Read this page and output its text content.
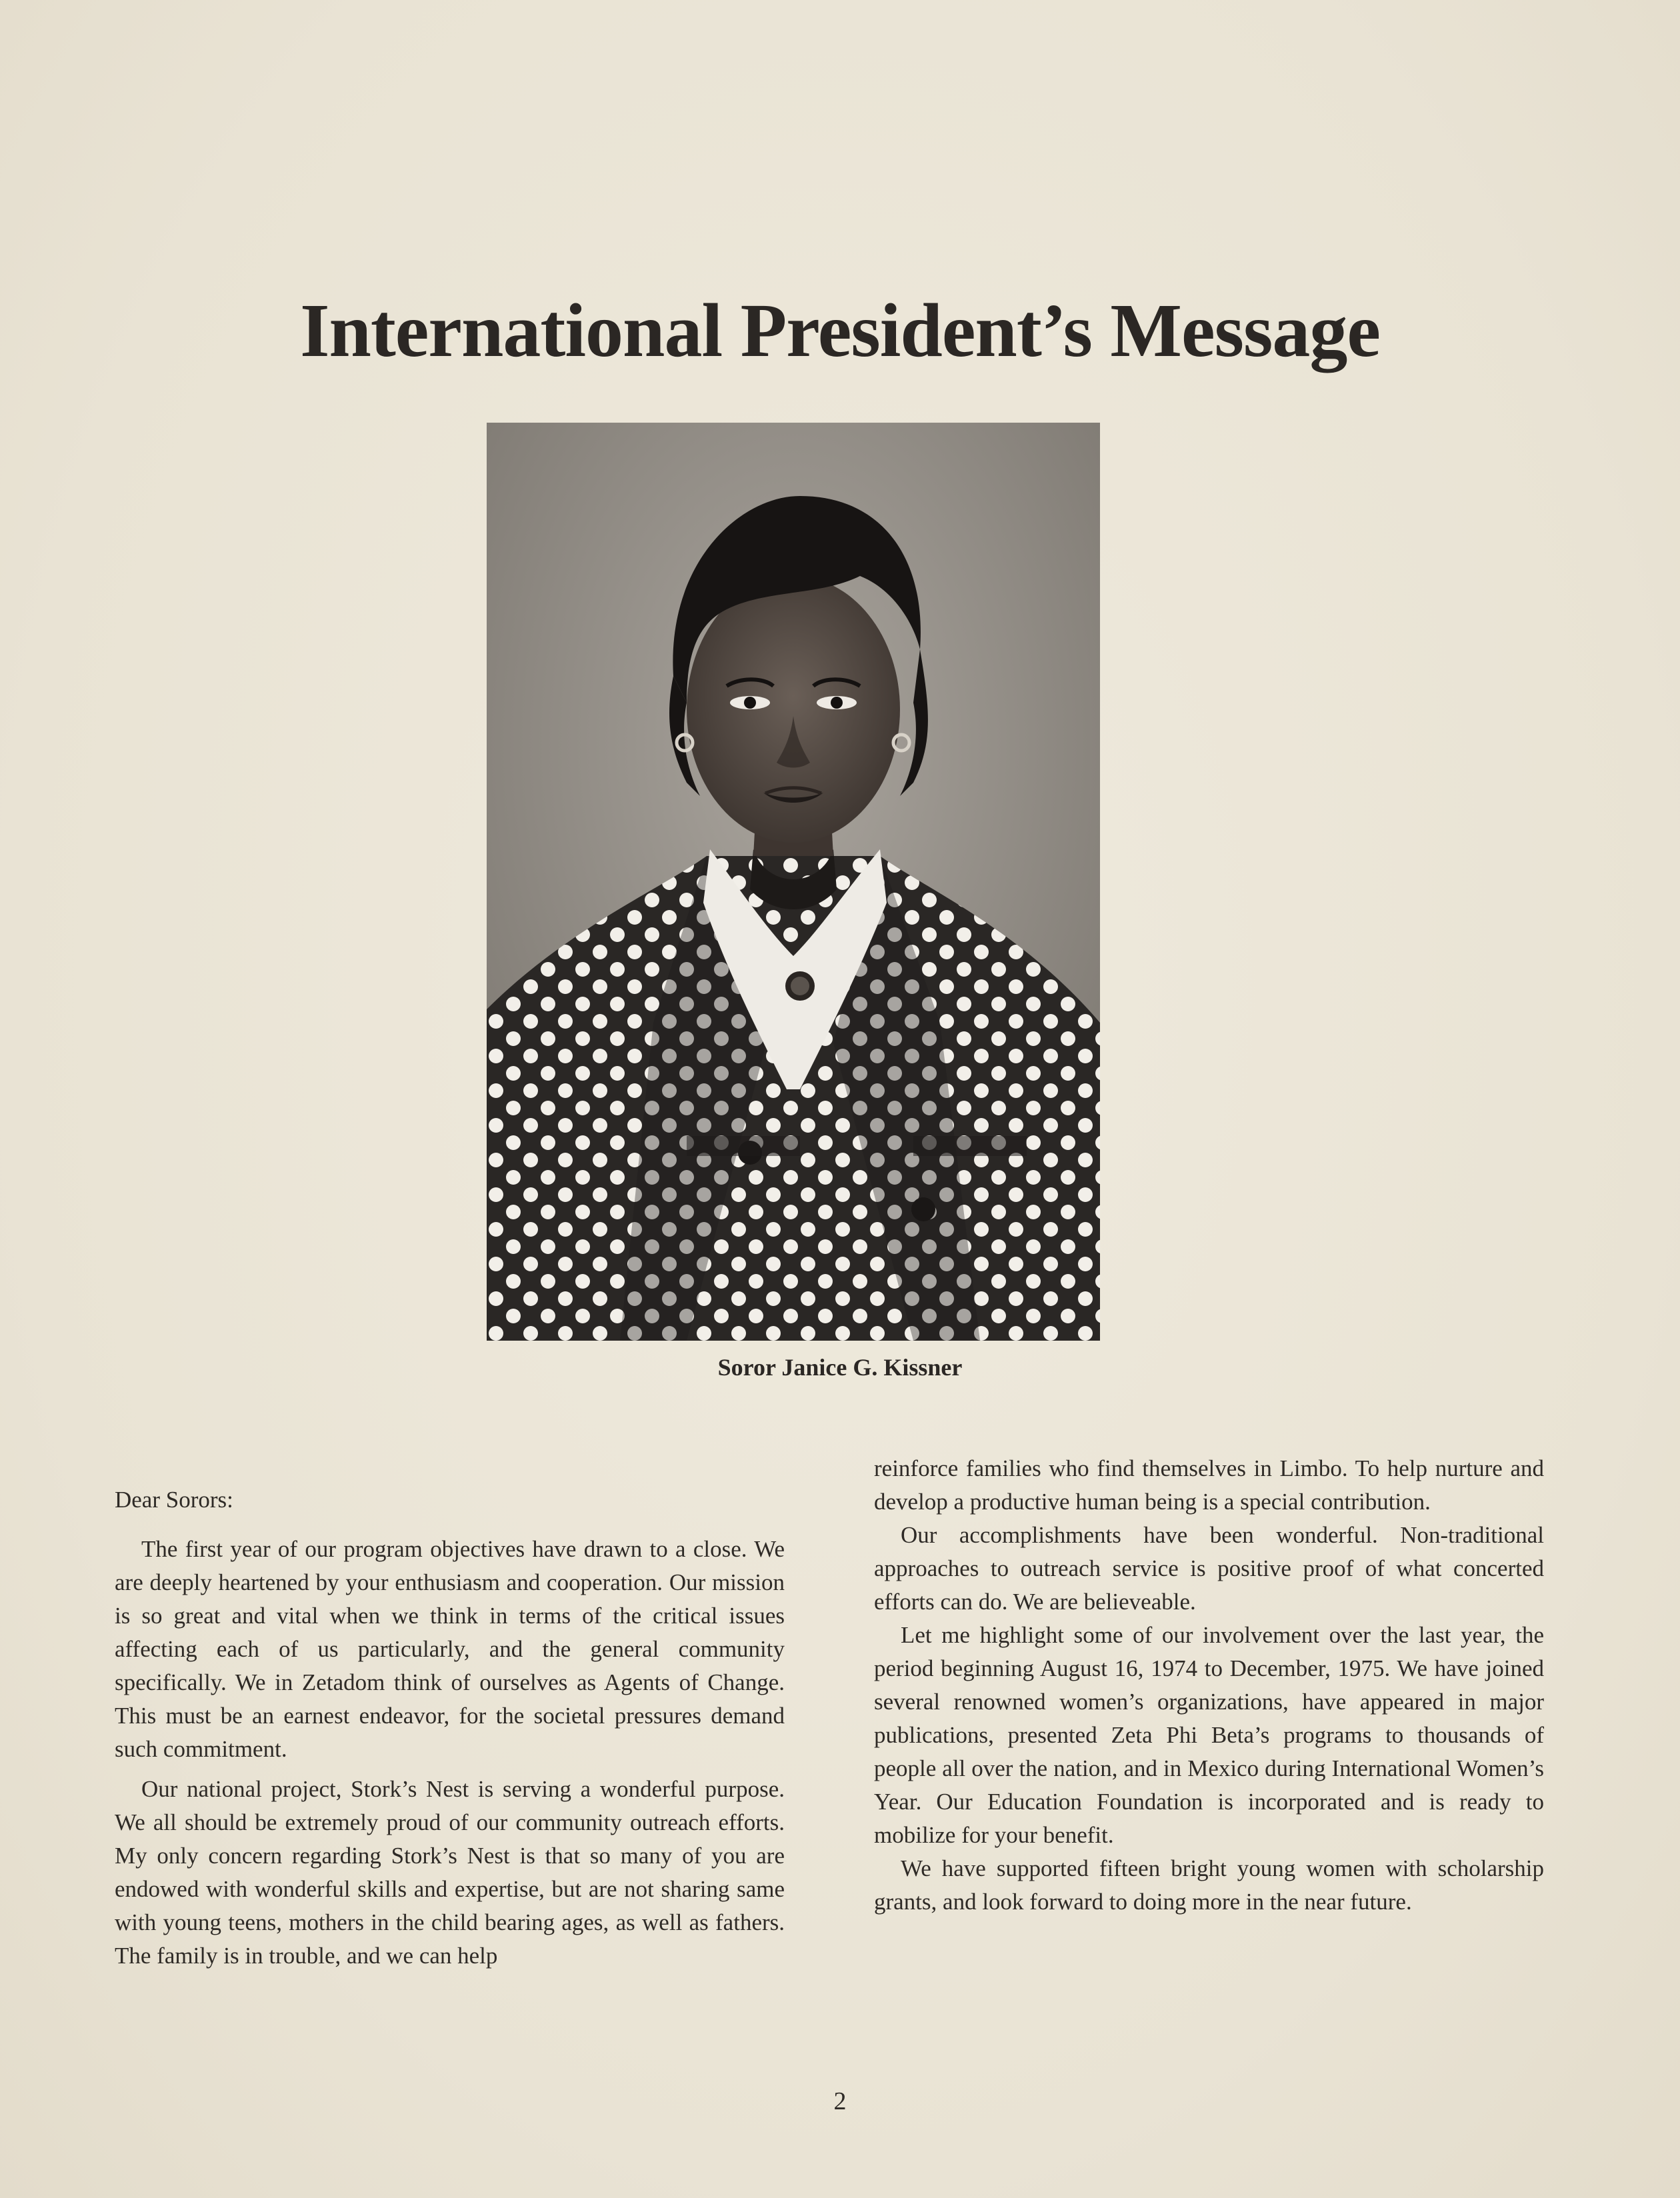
International President’s Message
Soror Janice G. Kissner

Dear Sorors:

The first year of our program objectives have drawn to a close. We are deeply heartened by your enthusiasm and cooperation. Our mission is so great and vital when we think in terms of the critical issues affecting each of us particularly, and the general community specifically. We in Zetadom think of ourselves as Agents of Change. This must be an earnest endeavor, for the societal pressures demand such commitment.

Our national project, Stork’s Nest is serving a wonderful purpose. We all should be extremely proud of our community outreach efforts. My only concern regarding Stork’s Nest is that so many of you are endowed with wonderful skills and expertise, but are not sharing same with young teens, mothers in the child bearing ages, as well as fathers. The family is in trouble, and we can help

reinforce families who find themselves in Limbo. To help nurture and develop a productive human being is a special contribution.

Our accomplishments have been wonderful. Non-traditional approaches to outreach service is positive proof of what concerted efforts can do. We are believeable.

Let me highlight some of our involvement over the last year, the period beginning August 16, 1974 to December, 1975. We have joined several renowned women’s organizations, have appeared in major publications, presented Zeta Phi Beta’s programs to thousands of people all over the nation, and in Mexico during International Women’s Year. Our Education Foundation is incorporated and is ready to mobilize for your benefit.

We have supported fifteen bright young women with scholarship grants, and look forward to doing more in the near future.

2
